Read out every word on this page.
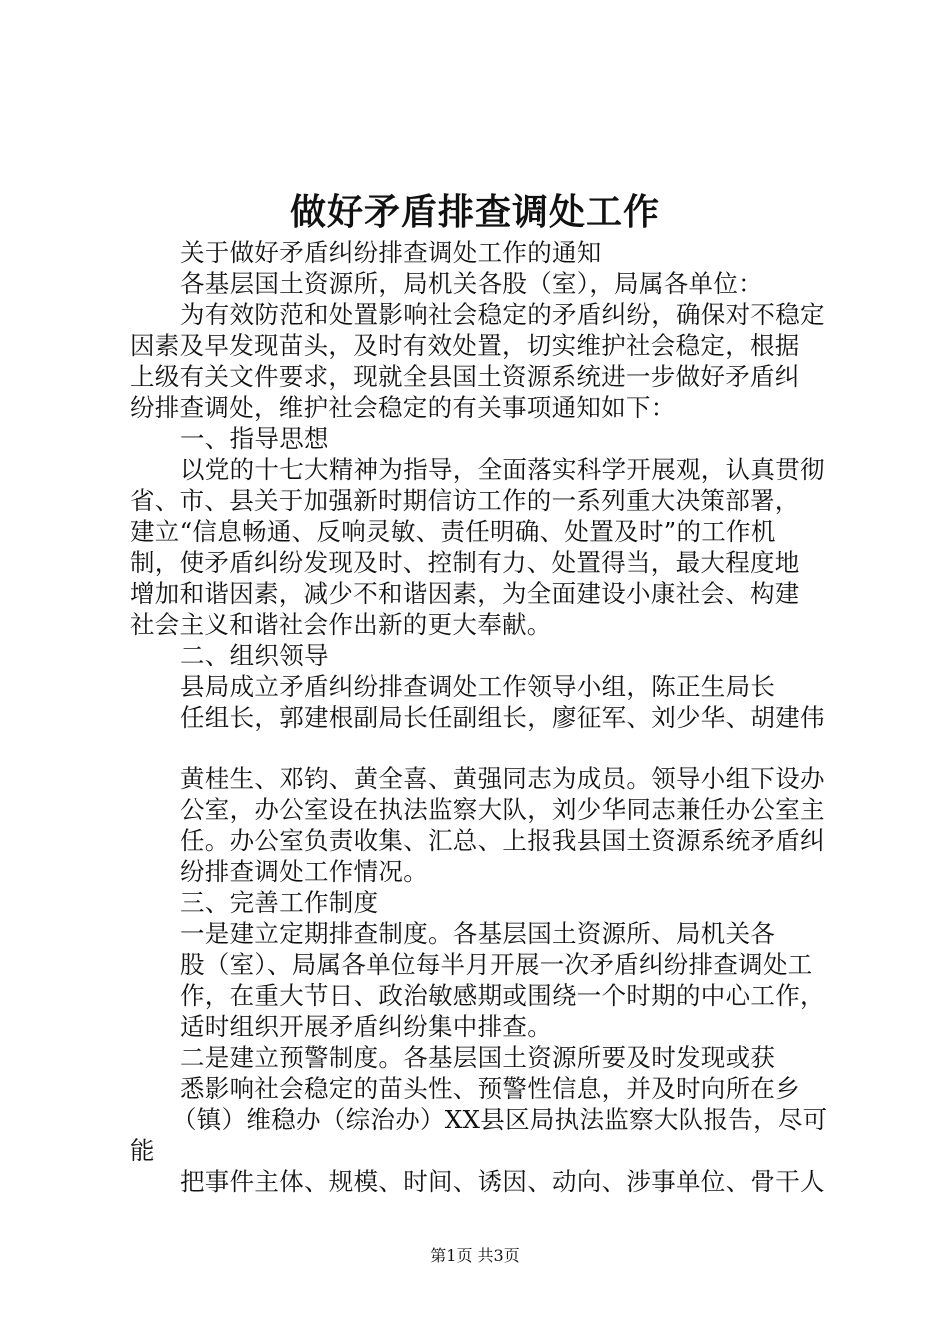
做好矛盾排查调处工作
关于做好矛盾纠纷排查调处工作的通知
各基层国土资源所，局机关各股（室），局属各单位：
为有效防范和处置影响社会稳定的矛盾纠纷，确保对不稳定
因素及早发现苗头，及时有效处置，切实维护社会稳定，根据
上级有关文件要求，现就全县国土资源系统进一步做好矛盾纠
纷排查调处，维护社会稳定的有关事项通知如下：
一、指导思想
以党的十七大精神为指导，全面落实科学开展观，认真贯彻
省、市、县关于加强新时期信访工作的一系列重大决策部署，
建立“信息畅通、反响灵敏、责任明确、处置及时”的工作机
制，使矛盾纠纷发现及时、控制有力、处置得当，最大程度地
增加和谐因素，减少不和谐因素，为全面建设小康社会、构建
社会主义和谐社会作出新的更大奉献。
二、组织领导
县局成立矛盾纠纷排查调处工作领导小组，陈正生局长
任组长，郭建根副局长任副组长，廖征军、刘少华、胡建伟
黄桂生、邓钧、黄全喜、黄强同志为成员。领导小组下设办
公室，办公室设在执法监察大队，刘少华同志兼任办公室主
任。办公室负责收集、汇总、上报我县国土资源系统矛盾纠
纷排查调处工作情况。
三、完善工作制度
一是建立定期排查制度。各基层国土资源所、局机关各
股（室）、局属各单位每半月开展一次矛盾纠纷排查调处工
作，在重大节日、政治敏感期或围绕一个时期的中心工作，
适时组织开展矛盾纠纷集中排查。
二是建立预警制度。各基层国土资源所要及时发现或获
悉影响社会稳定的苗头性、预警性信息，并及时向所在乡
（镇）维稳办（综治办）XX县区局执法监察大队报告，尽可
能
把事件主体、规模、时间、诱因、动向、涉事单位、骨干人
第1页 共3页
